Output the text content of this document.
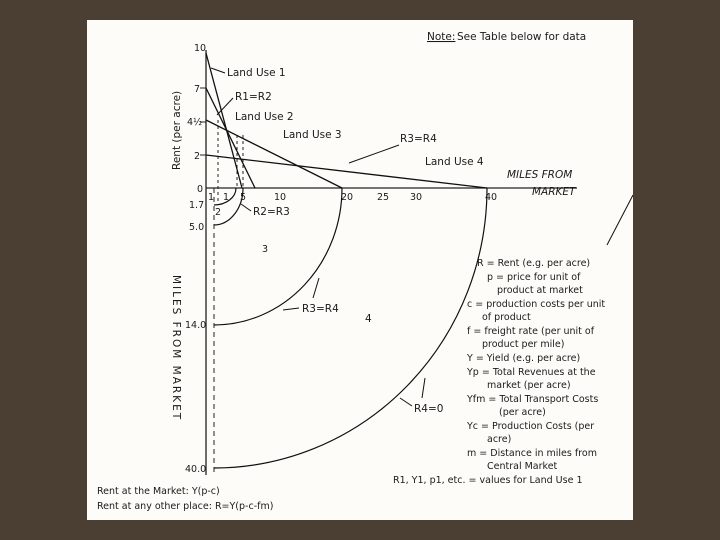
Note: See Table below for data
Rent (per acre)
MILES FROM MARKET
MILES FROM
MARKET
10
7
4½
2
0
1	5	10	20	25 30	40
1.7
5.0
14.0
40.0
Land Use 1
R1=R2
Land Use 2
Land Use 3	R3=R4
Land Use 4
1
2	R2=R3
3
R3=R4
4
R4=0
R = Rent (e.g. per acre)
p = price for unit of
product at market
c = production costs per unit
of product
f = freight rate (per unit of
product per mile)
Y = Yield (e.g. per acre)
Yp = Total Revenues at the
market (per acre)
Yfm = Total Transport Costs
(per acre)
Yc = Production Costs (per
acre)
m = Distance in miles from
Central Market
R1, Y1, p1, etc. = values for Land Use 1
Rent at the Market: Y(p-c)
Rent at any other place: R=Y(p-c-fm)
